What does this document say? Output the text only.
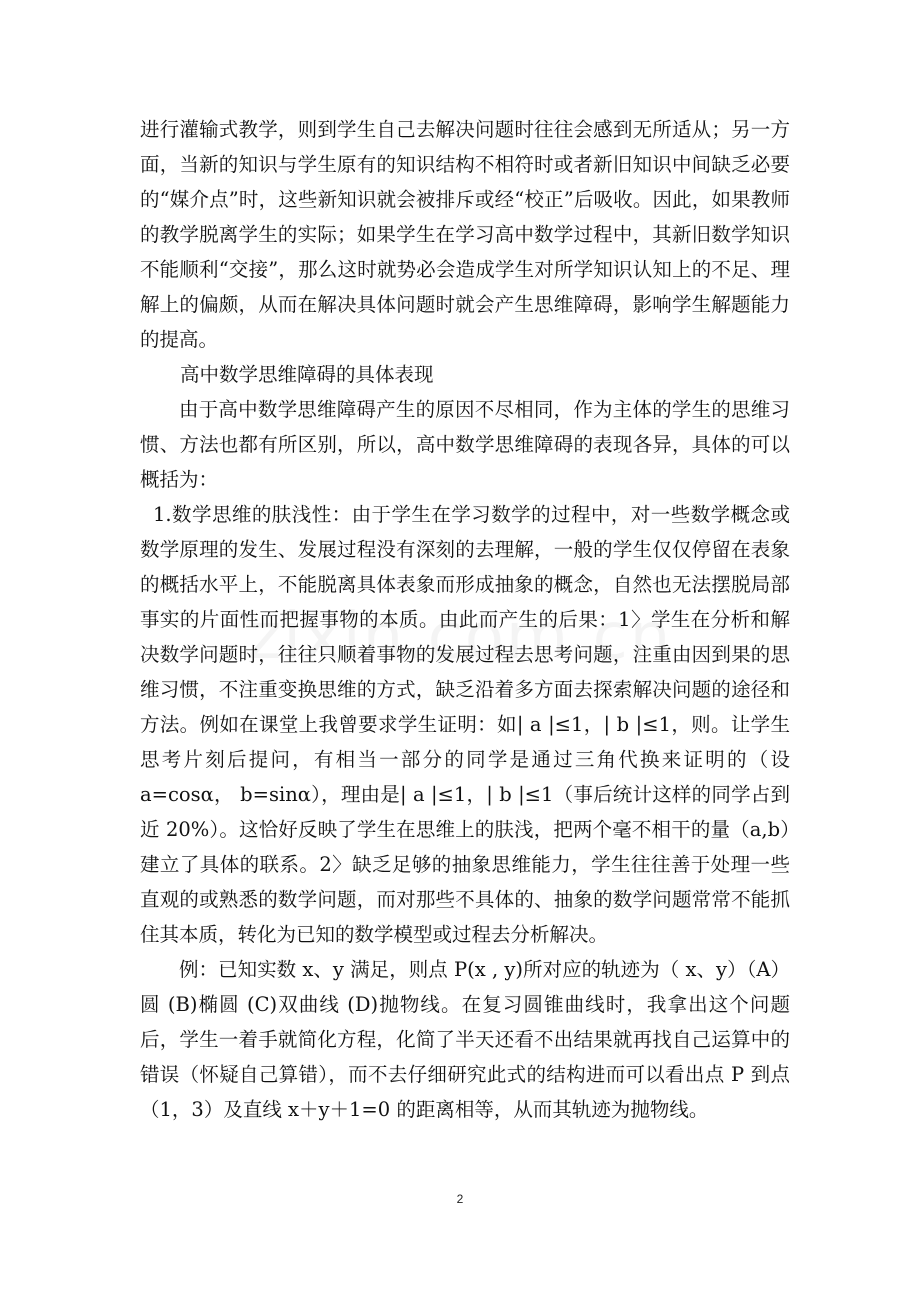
进行灌输式教学，则到学生自己去解决问题时往往会感到无所适从；另一方面，当新的知识与学生原有的知识结构不相符时或者新旧知识中间缺乏必要的“媒介点”时，这些新知识就会被排斥或经“校正”后吸收。因此，如果教师的教学脱离学生的实际；如果学生在学习高中数学过程中，其新旧数学知识不能顺利“交接”，那么这时就势必会造成学生对所学知识认知上的不足、理解上的偏颇，从而在解决具体问题时就会产生思维障碍，影响学生解题能力的提高。

高中数学思维障碍的具体表现

由于高中数学思维障碍产生的原因不尽相同，作为主体的学生的思维习惯、方法也都有所区别，所以，高中数学思维障碍的表现各异，具体的可以概括为：

1.数学思维的肤浅性：由于学生在学习数学的过程中，对一些数学概念或数学原理的发生、发展过程没有深刻的去理解，一般的学生仅仅停留在表象的概括水平上，不能脱离具体表象而形成抽象的概念，自然也无法摆脱局部事实的片面性而把握事物的本质。由此而产生的后果：1〉学生在分析和解决数学问题时，往往只顺着事物的发展过程去思考问题，注重由因到果的思维习惯，不注重变换思维的方式，缺乏沿着多方面去探索解决问题的途径和方法。例如在课堂上我曾要求学生证明：如| a |≤1，| b |≤1，则。让学生思考片刻后提问，有相当一部分的同学是通过三角代换来证明的（设 a=cosα， b=sinα），理由是| a |≤1，| b |≤1（事后统计这样的同学占到近 20%）。这恰好反映了学生在思维上的肤浅，把两个毫不相干的量（a,b）建立了具体的联系。2〉缺乏足够的抽象思维能力，学生往往善于处理一些直观的或熟悉的数学问题，而对那些不具体的、抽象的数学问题常常不能抓住其本质，转化为已知的数学模型或过程去分析解决。

例：已知实数 x、y 满足，则点 P(x , y)所对应的轨迹为（ x、y）（A）圆 (B)椭圆 (C)双曲线 (D)抛物线。在复习圆锥曲线时，我拿出这个问题后，学生一着手就简化方程，化简了半天还看不出结果就再找自己运算中的错误（怀疑自己算错），而不去仔细研究此式的结构进而可以看出点 P 到点（1，3）及直线 x＋y＋1=0 的距离相等，从而其轨迹为抛物线。

2
